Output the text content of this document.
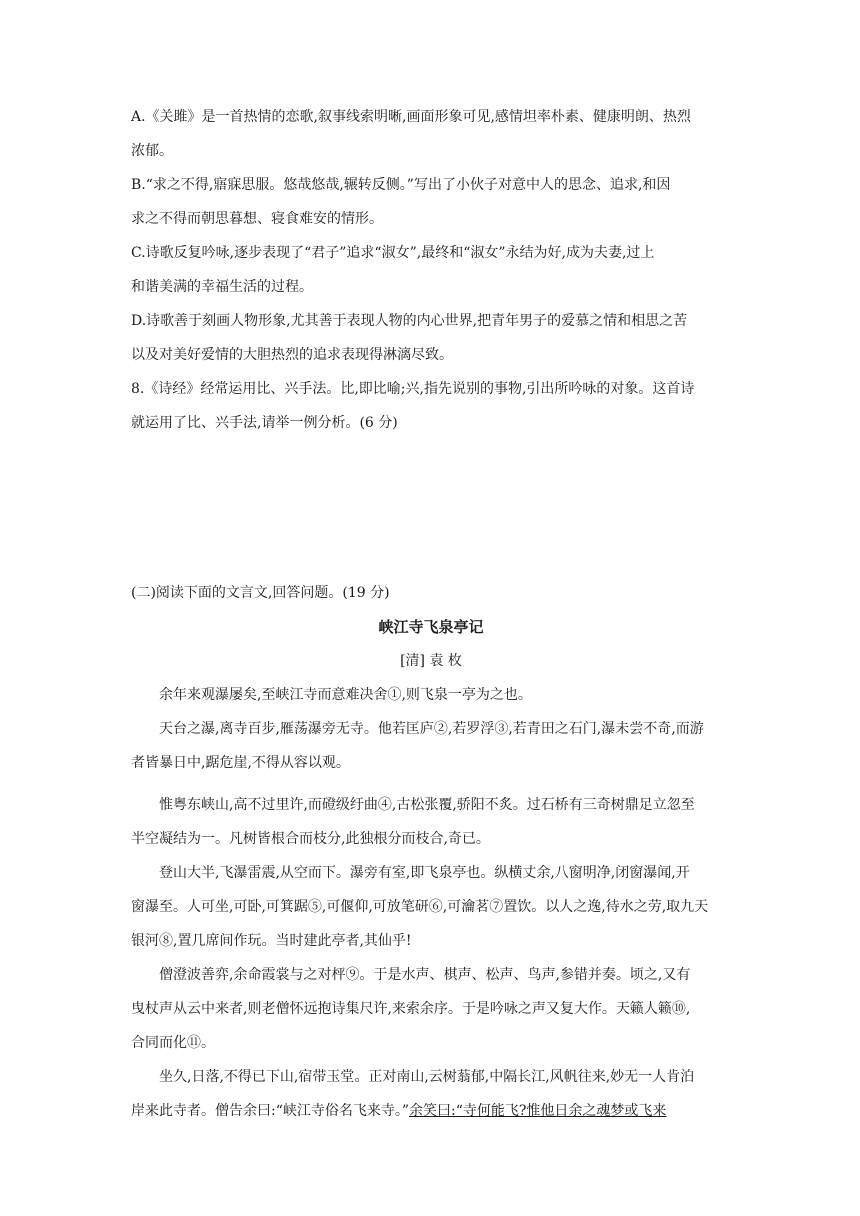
A.《关雎》是一首热情的恋歌,叙事线索明晰,画面形象可见,感情坦率朴素、健康明朗、热烈
浓郁。
B.“求之不得,寤寐思服。悠哉悠哉,辗转反侧。”写出了小伙子对意中人的思念、追求,和因
求之不得而朝思暮想、寝食难安的情形。
C.诗歌反复吟咏,逐步表现了“君子”追求“淑女”,最终和“淑女”永结为好,成为夫妻,过上
和谐美满的幸福生活的过程。
D.诗歌善于刻画人物形象,尤其善于表现人物的内心世界,把青年男子的爱慕之情和相思之苦
以及对美好爱情的大胆热烈的追求表现得淋漓尽致。
8.《诗经》经常运用比、兴手法。比,即比喻;兴,指先说别的事物,引出所吟咏的对象。这首诗
就运用了比、兴手法,请举一例分析。(6 分)
(二)阅读下面的文言文,回答问题。(19 分)
峡江寺飞泉亭记
[清] 袁 枚
余年来观瀑屡矣,至峡江寺而意难决舍①,则飞泉一亭为之也。
天台之瀑,离寺百步,雁荡瀑旁无寺。他若匡庐②,若罗浮③,若青田之石门,瀑未尝不奇,而游
者皆暴日中,踞危崖,不得从容以观。
惟粤东峡山,高不过里许,而磴级纡曲④,古松张覆,骄阳不炙。过石桥有三奇树鼎足立忽至
半空凝结为一。凡树皆根合而枝分,此独根分而枝合,奇已。
登山大半,飞瀑雷震,从空而下。瀑旁有室,即飞泉亭也。纵横丈余,八窗明净,闭窗瀑闻,开
窗瀑至。人可坐,可卧,可箕踞⑤,可偃仰,可放笔研⑥,可瀹茗⑦置饮。以人之逸,待水之劳,取九天
银河⑧,置几席间作玩。当时建此亭者,其仙乎!
僧澄波善弈,余命霞裳与之对枰⑨。于是水声、棋声、松声、鸟声,参错并奏。顷之,又有
曳杖声从云中来者,则老僧怀远抱诗集尺许,来索余序。于是吟咏之声又复大作。天籁人籁⑩,
合同而化⑪。
坐久,日落,不得已下山,宿带玉堂。正对南山,云树蓊郁,中隔长江,风帆往来,妙无一人肯泊
岸来此寺者。僧告余曰:“峡江寺俗名飞来寺。”余笑曰:“寺何能飞?惟他日余之魂梦或飞来
